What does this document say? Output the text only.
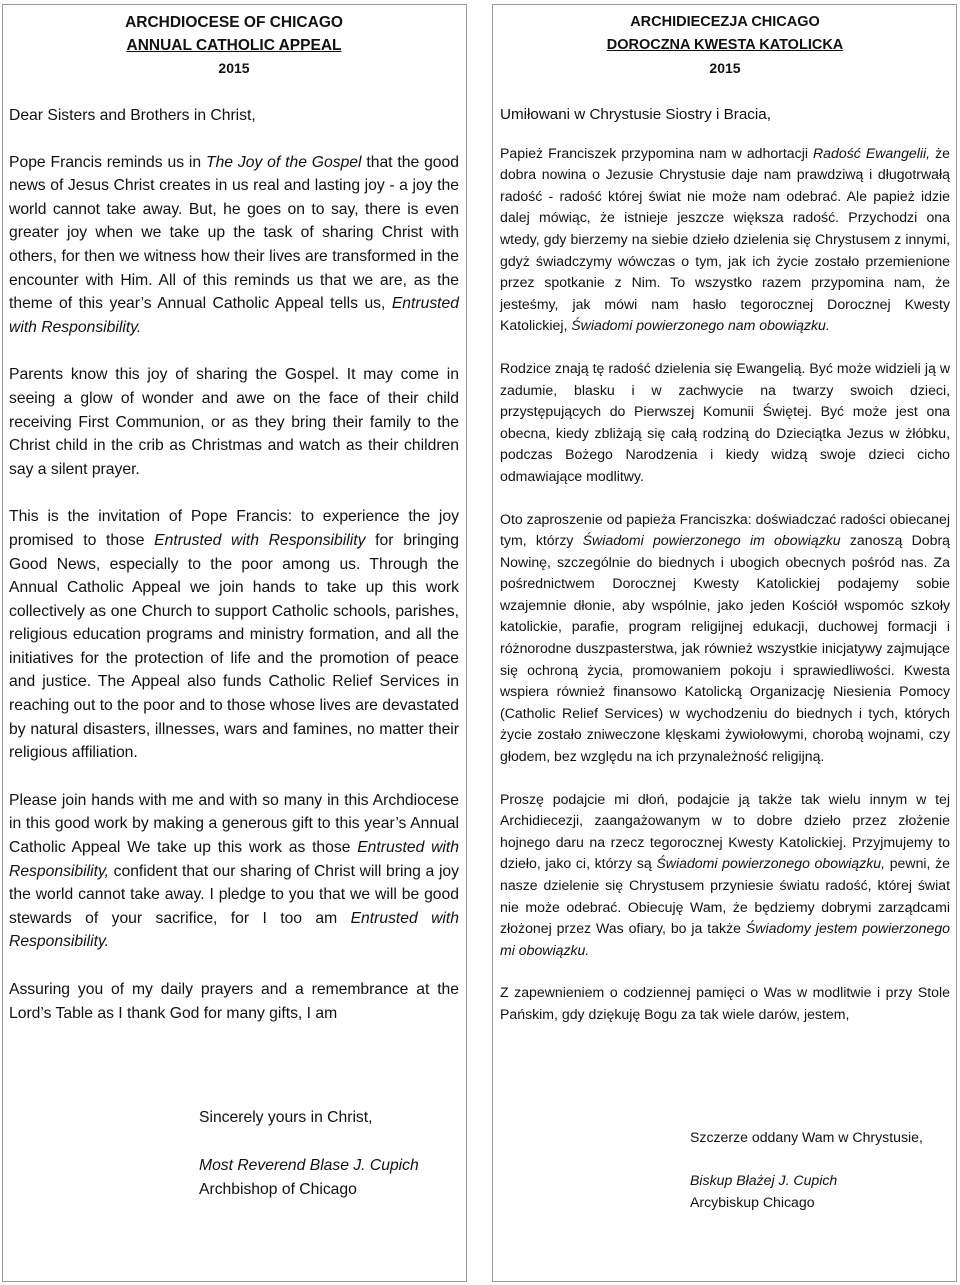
ARCHDIOCESE OF CHICAGO
ANNUAL CATHOLIC APPEAL
2015

Dear Sisters and Brothers in Christ,

Pope Francis reminds us in The Joy of the Gospel that the good news of Jesus Christ creates in us real and lasting joy - a joy the world cannot take away. But, he goes on to say, there is even greater joy when we take up the task of sharing Christ with others, for then we witness how their lives are transformed in the encounter with Him. All of this reminds us that we are, as the theme of this year’s Annual Catholic Appeal tells us, Entrusted with Responsibility.

Parents know this joy of sharing the Gospel. It may come in seeing a glow of wonder and awe on the face of their child receiving First Communion, or as they bring their family to the Christ child in the crib as Christmas and watch as their children say a silent prayer.

This is the invitation of Pope Francis: to experience the joy promised to those Entrusted with Responsibility for bringing Good News, especially to the poor among us. Through the Annual Catholic Appeal we join hands to take up this work collectively as one Church to support Catholic schools, parishes, religious education programs and ministry formation, and all the initiatives for the protection of life and the promotion of peace and justice. The Appeal also funds Catholic Relief Services in reaching out to the poor and to those whose lives are devastated by natural disasters, illnesses, wars and famines, no matter their religious affiliation.

Please join hands with me and with so many in this Archdiocese in this good work by making a generous gift to this year’s Annual Catholic Appeal We take up this work as those Entrusted with Responsibility, confident that our sharing of Christ will bring a joy the world cannot take away. I pledge to you that we will be good stewards of your sacrifice, for I too am Entrusted with Responsibility.

Assuring you of my daily prayers and a remembrance at the Lord’s Table as I thank God for many gifts, I am

Sincerely yours in Christ,
Most Reverend Blase J. Cupich
Archbishop of Chicago
ARCHIDIECEZJA CHICAGO
DOROCZNA KWESTA KATOLICKA
2015

Umiłowani w Chrystusie Siostry i Bracia,

Papież Franciszek przypomina nam w adhortacji Radość Ewangelii, że dobra nowina o Jezusie Chrystusie daje nam prawdziwą i długotrwałą radość - radość której świat nie może nam odebrać. Ale papież idzie dalej mówiąc, że istnieje jeszcze większa radość. Przychodzi ona wtedy, gdy bierzemy na siebie dzieło dzielenia się Chrystusem z innymi, gdyż świadczymy wówczas o tym, jak ich życie zostało przemienione przez spotkanie z Nim. To wszystko razem przypomina nam, że jesteśmy, jak mówi nam hasło tegorocznej Dorocznej Kwesty Katolickiej, Świadomi powierzonego nam obowiązku.

Rodzice znają tę radość dzielenia się Ewangelią. Być może widzieli ją w zadumie, blasku i w zachwycie na twarzy swoich dzieci, przystępujących do Pierwszej Komunii Świętej. Być może jest ona obecna, kiedy zbliżają się całą rodziną do Dzieciątka Jezus w żłóbku, podczas Bożego Narodzenia i kiedy widzą swoje dzieci cicho odmawiające modlitwy.

Oto zaproszenie od papieża Franciszka: doświadczać radości obiecanej tym, którzy Świadomi powierzonego im obowiązku zanoszą Dobrą Nowinę, szczególnie do biednych i ubogich obecnych pośród nas. Za pośrednictwem Dorocznej Kwesty Katolickiej podajemy sobie wzajemnie dłonie, aby wspólnie, jako jeden Kościół wspomóc szkoły katolickie, parafie, program religijnej edukacji, duchowej formacji i różnorodne duszpasterstwa, jak również wszystkie inicjatywy zajmujące się ochroną życia, promowaniem pokoju i sprawiedliwości. Kwesta wspiera również finansowo Katolicką Organizację Niesienia Pomocy (Catholic Relief Services) w wychodzeniu do biednych i tych, których życie zostało zniweczone klęskami żywiołowymi, chorobą wojnami, czy głodem, bez względu na ich przynależność religijną.

Proszę podajcie mi dłoń, podajcie ją także tak wielu innym w tej Archidiecezji, zaangażowanym w to dobre dzieło przez złożenie hojnego daru na rzecz tegorocznej Kwesty Katolickiej. Przyjmujemy to dzieło, jako ci, którzy są Świadomi powierzonego obowiązku, pewni, że nasze dzielenie się Chrystusem przyniesie światu radość, której świat nie może odebrać. Obiecuję Wam, że będziemy dobrymi zarządcami złożonej przez Was ofiary, bo ja także Świadomy jestem powierzonego mi obowiązku.

Z zapewnieniem o codziennej pamięci o Was w modlitwie i przy Stole Pańskim, gdy dziękuję Bogu za tak wiele darów, jestem,

Szczerze oddany Wam w Chrystusie,
Biskup Błażej J. Cupich
Arcybiskup Chicago
